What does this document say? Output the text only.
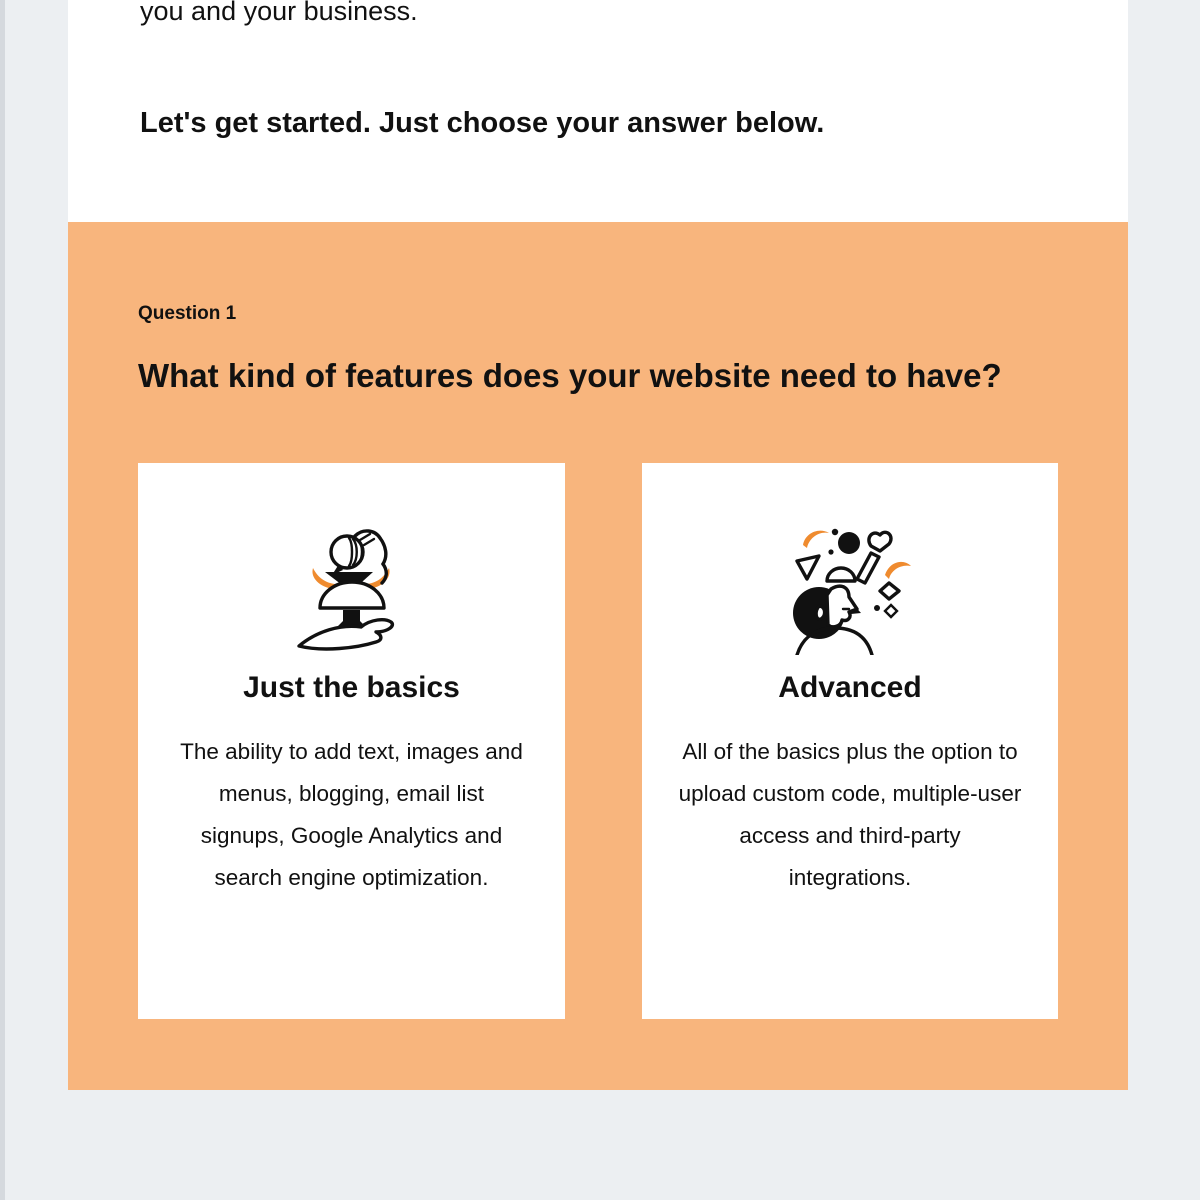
you and your business.

Let's get started. Just choose your answer below.
Question 1
What kind of features does your website need to have?
Just the basics

The ability to add text, images and menus, blogging, email list signups, Google Analytics and search engine optimization.

Advanced

All of the basics plus the option to upload custom code, multiple-user access and third-party integrations.
